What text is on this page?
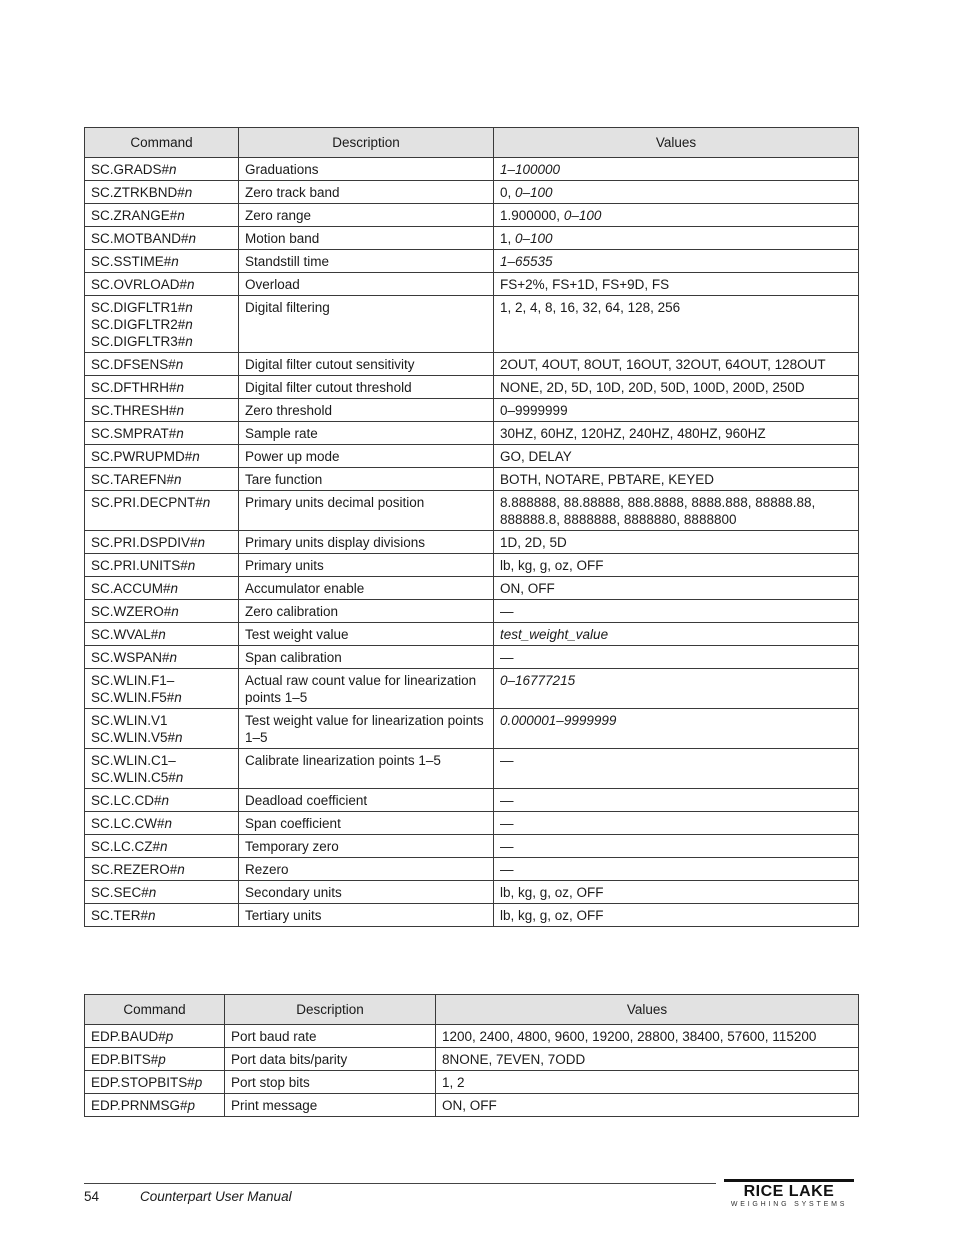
Command	Description	Values
SC.GRADS#n	Graduations	1–100000
SC.ZTRKBND#n	Zero track band	0, 0–100
SC.ZRANGE#n	Zero range	1.900000, 0–100
SC.MOTBAND#n	Motion band	1, 0–100
SC.SSTIME#n	Standstill time	1–65535
SC.OVRLOAD#n	Overload	FS+2%, FS+1D, FS+9D, FS
SC.DIGFLTR1#n
SC.DIGFLTR2#n
SC.DIGFLTR3#n	Digital filtering	1, 2, 4, 8, 16, 32, 64, 128, 256
SC.DFSENS#n	Digital filter cutout sensitivity	2OUT, 4OUT, 8OUT, 16OUT, 32OUT, 64OUT, 128OUT
SC.DFTHRH#n	Digital filter cutout threshold	NONE, 2D, 5D, 10D, 20D, 50D, 100D, 200D, 250D
SC.THRESH#n	Zero threshold	0–9999999
SC.SMPRAT#n	Sample rate	30HZ, 60HZ, 120HZ, 240HZ, 480HZ, 960HZ
SC.PWRUPMD#n	Power up mode	GO, DELAY
SC.TAREFN#n	Tare function	BOTH, NOTARE, PBTARE, KEYED
SC.PRI.DECPNT#n	Primary units decimal position	8.888888, 88.88888, 888.8888, 8888.888, 88888.88, 888888.8, 8888888, 8888880, 8888800
SC.PRI.DSPDIV#n	Primary units display divisions	1D, 2D, 5D
SC.PRI.UNITS#n	Primary units	lb, kg, g, oz, OFF
SC.ACCUM#n	Accumulator enable	ON, OFF
SC.WZERO#n	Zero calibration	—
SC.WVAL#n	Test weight value	test_weight_value
SC.WSPAN#n	Span calibration	—
SC.WLIN.F1–
SC.WLIN.F5#n	Actual raw count value for linearization points 1–5	0–16777215
SC.WLIN.V1
SC.WLIN.V5#n	Test weight value for linearization points 1–5	0.000001–9999999
SC.WLIN.C1–
SC.WLIN.C5#n	Calibrate linearization points 1–5	—
SC.LC.CD#n	Deadload coefficient	—
SC.LC.CW#n	Span coefficient	—
SC.LC.CZ#n	Temporary zero	—
SC.REZERO#n	Rezero	—
SC.SEC#n	Secondary units	lb, kg, g, oz, OFF
SC.TER#n	Tertiary units	lb, kg, g, oz, OFF
Command	Description	Values
EDP.BAUD#p	Port baud rate	1200, 2400, 4800, 9600, 19200, 28800, 38400, 57600, 115200
EDP.BITS#p	Port data bits/parity	8NONE, 7EVEN, 7ODD
EDP.STOPBITS#p	Port stop bits	1, 2
EDP.PRNMSG#p	Print message	ON, OFF
54	Counterpart User Manual	RICE LAKE
WEIGHING SYSTEMS
